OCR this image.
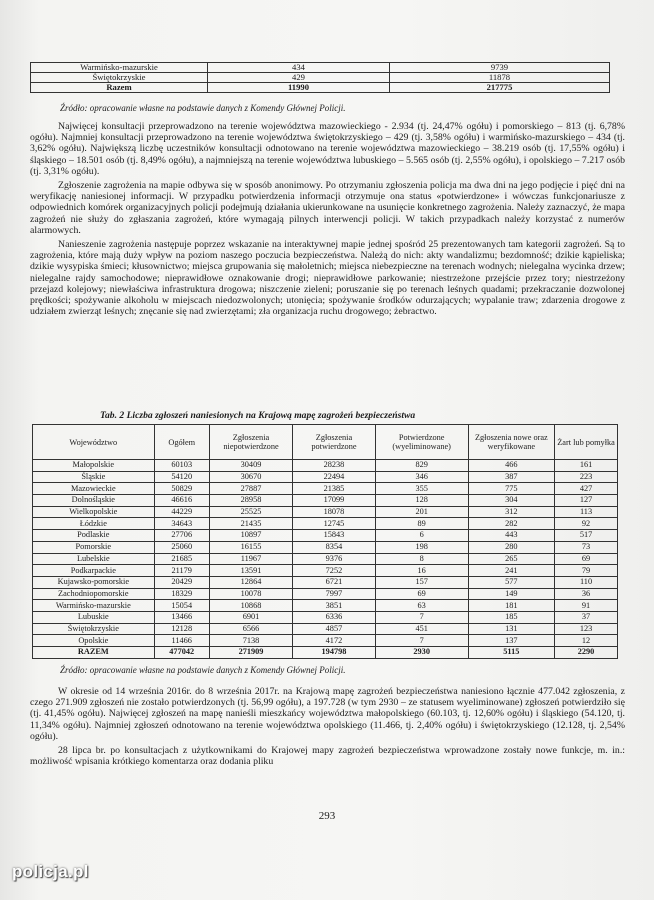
Warmińsko-mazurskie	434	9739
Świętokrzyskie	429	11878
Razem	11990	217775
Źródło: opracowanie własne na podstawie danych z Komendy Głównej Policji.

Najwięcej konsultacji przeprowadzono na terenie województwa mazowieckiego - 2.934 (tj. 24,47% ogółu) i pomorskiego – 813 (tj. 6,78% ogółu). Najmniej konsultacji przeprowadzono na terenie województwa świętokrzyskiego – 429 (tj. 3,58% ogółu) i warmińsko-mazurskiego – 434 (tj. 3,62% ogółu). Największą liczbę uczestników konsultacji odnotowano na terenie województwa mazowieckiego – 38.219 osób (tj. 17,55% ogółu) i śląskiego – 18.501 osób (tj. 8,49% ogółu), a najmniejszą na terenie województwa lubuskiego – 5.565 osób (tj. 2,55% ogółu), i opolskiego – 7.217 osób (tj. 3,31% ogółu).

Zgłoszenie zagrożenia na mapie odbywa się w sposób anonimowy. Po otrzymaniu zgłoszenia policja ma dwa dni na jego podjęcie i pięć dni na weryfikację naniesionej informacji. W przypadku potwierdzenia informacji otrzymuje ona status «potwierdzone» i wówczas funkcjonariusze z odpowiednich komórek organizacyjnych policji podejmują działania ukierunkowane na usunięcie konkretnego zagrożenia. Należy zaznaczyć, że mapa zagrożeń nie służy do zgłaszania zagrożeń, które wymagają pilnych interwencji policji. W takich przypadkach należy korzystać z numerów alarmowych.

Nanieszenie zagrożenia następuje poprzez wskazanie na interaktywnej mapie jednej spośród 25 prezentowanych tam kategorii zagrożeń. Są to zagrożenia, które mają duży wpływ na poziom naszego poczucia bezpieczeństwa. Należą do nich: akty wandalizmu; bezdomność; dzikie kąpieliska; dzikie wysypiska śmieci; kłusownictwo; miejsca grupowania się małoletnich; miejsca niebezpieczne na terenach wodnych; nielegalna wycinka drzew; nielegalne rajdy samochodowe; nieprawidłowe oznakowanie drogi; nieprawidłowe parkowanie; niestrzeżone przejście przez tory; niestrzeżony przejazd kolejowy; niewłaściwa infrastruktura drogowa; niszczenie zieleni; poruszanie się po terenach leśnych quadami; przekraczanie dozwolonej prędkości; spożywanie alkoholu w miejscach niedozwolonych; utonięcia; spożywanie środków odurzających; wypalanie traw; zdarzenia drogowe z udziałem zwierząt leśnych; znęcanie się nad zwierzętami; zła organizacja ruchu drogowego; żebractwo.

Tab. 2 Liczba zgłoszeń naniesionych na Krajową mapę zagrożeń bezpieczeństwa
Województwo	Ogółem	Zgłoszenia niepotwierdzone	Zgłoszenia potwierdzone	Potwierdzone (wyeliminowane)	Zgłoszenia nowe oraz weryfikowane	Żart lub pomyłka
Małopolskie	60103	30409	28238	829	466	161
Śląskie	54120	30670	22494	346	387	223
Mazowieckie	50829	27887	21385	355	775	427
Dolnośląskie	46616	28958	17099	128	304	127
Wielkopolskie	44229	25525	18078	201	312	113
Łódzkie	34643	21435	12745	89	282	92
Podlaskie	27706	10897	15843	6	443	517
Pomorskie	25060	16155	8354	198	280	73
Lubelskie	21685	11967	9376	8	265	69
Podkarpackie	21179	13591	7252	16	241	79
Kujawsko-pomorskie	20429	12864	6721	157	577	110
Zachodniopomorskie	18329	10078	7997	69	149	36
Warmińsko-mazurskie	15054	10868	3851	63	181	91
Lubuskie	13466	6901	6336	7	185	37
Świętokrzyskie	12128	6566	4857	451	131	123
Opolskie	11466	7138	4172	7	137	12
RAZEM	477042	271909	194798	2930	5115	2290
Źródło: opracowanie własne na podstawie danych z Komendy Głównej Policji.

W okresie od 14 września 2016r. do 8 września 2017r. na Krajową mapę zagrożeń bezpieczeństwa naniesiono łącznie 477.042 zgłoszenia, z czego 271.909 zgłoszeń nie zostało potwierdzonych (tj. 56,99 ogółu), a 197.728 (w tym 2930 – ze statusem wyeliminowane) zgłoszeń potwierdziło się (tj. 41,45% ogółu). Najwięcej zgłoszeń na mapę nanieśli mieszkańcy województwa małopolskiego (60.103, tj. 12,60% ogółu) i śląskiego (54.120, tj. 11,34% ogółu). Najmniej zgłoszeń odnotowano na terenie województwa opolskiego (11.466, tj. 2,40% ogółu) i świętokrzyskiego (12.128, tj. 2,54% ogółu).

28 lipca br. po konsultacjach z użytkownikami do Krajowej mapy zagrożeń bezpieczeństwa wprowadzone zostały nowe funkcje, m. in.: możliwość wpisania krótkiego komentarza oraz dodania pliku

293
policja.pl
